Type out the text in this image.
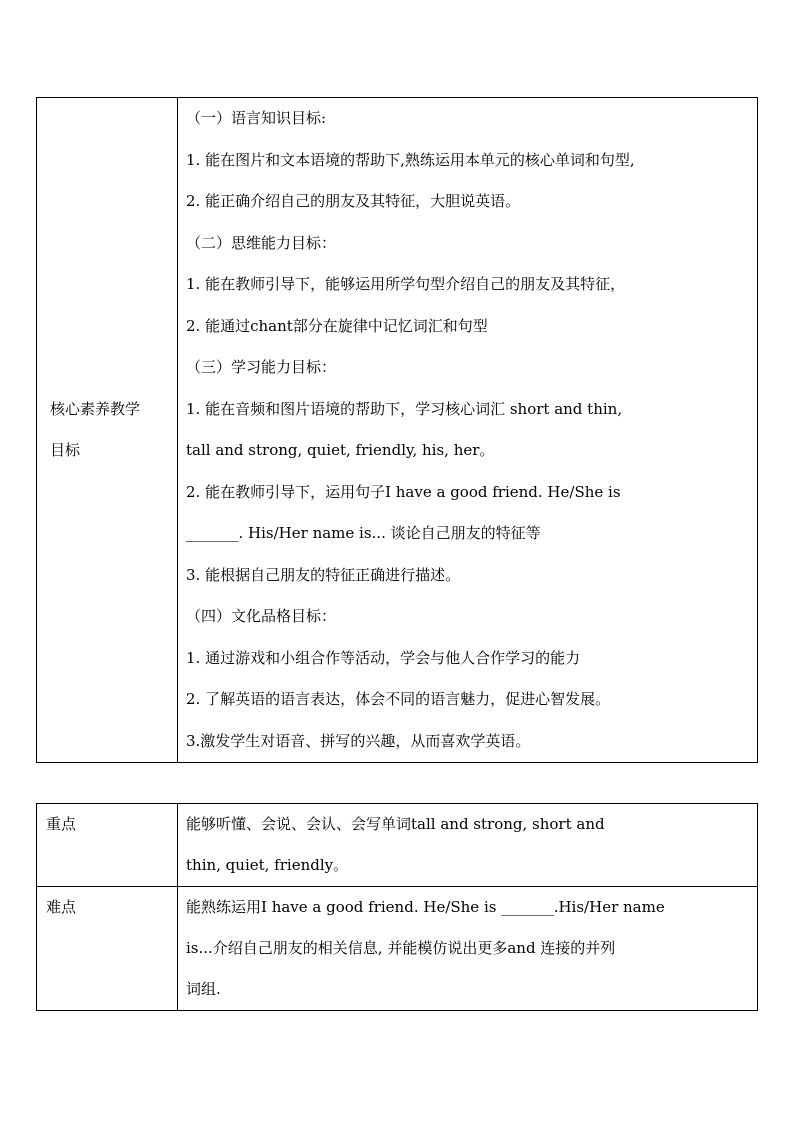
核心素养教学
目标

（一）语言知识目标:
1. 能在图片和文本语境的帮助下,熟练运用本单元的核心单词和句型,
2. 能正确介绍自己的朋友及其特征，大胆说英语。
（二）思维能力目标：
1. 能在教师引导下，能够运用所学句型介绍自己的朋友及其特征，
2. 能通过chant部分在旋律中记忆词汇和句型
（三）学习能力目标：
1. 能在音频和图片语境的帮助下，学习核心词汇 short and thin,
tall and strong, quiet, friendly, his, her。
2. 能在教师引导下，运用句子I have a good friend. He/She is
_______. His/Her name is... 谈论自己朋友的特征等
3. 能根据自己朋友的特征正确进行描述。
（四）文化品格目标：
1. 通过游戏和小组合作等活动，学会与他人合作学习的能力
2. 了解英语的语言表达，体会不同的语言魅力，促进心智发展。
3.激发学生对语音、拼写的兴趣，从而喜欢学英语。
重点	能够听懂、会说、会认、会写单词tall and strong, short and
thin, quiet, friendly。

难点	能熟练运用I have a good friend. He/She is _______.His/Her name
is...介绍自己朋友的相关信息, 并能模仿说出更多and 连接的并列
词组.
